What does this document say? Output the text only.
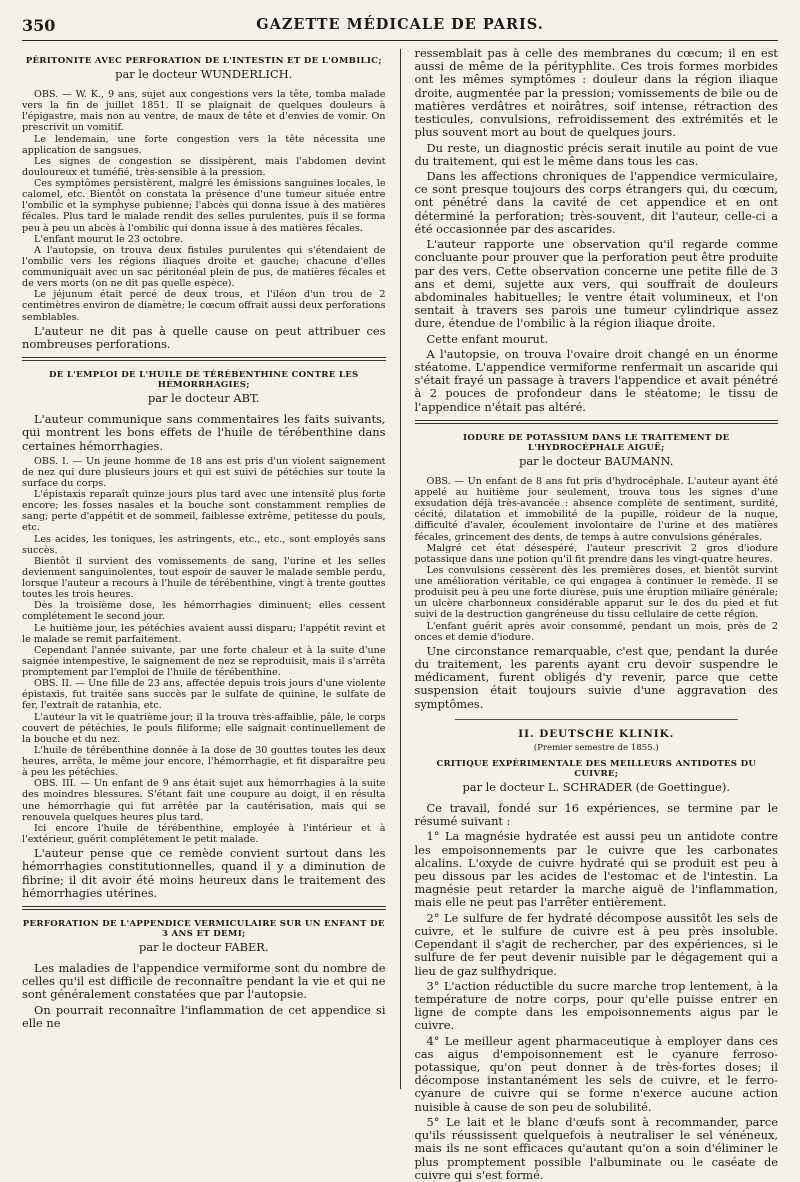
350	GAZETTE MÉDICALE DE PARIS.
PÉRITONITE AVEC PERFORATION DE L'INTESTIN ET DE L'OMBILIC;
par le docteur WUNDERLICH.

OBS. — W. K., 9 ans, sujet aux congestions vers la tête, tomba malade vers la fin de juillet 1851. Il se plaignait de quelques douleurs à l'épigastre, mais non au ventre, de maux de tête et d'envies de vomir. On prescrivit un vomitif.

Le lendemain, une forte congestion vers la tête nécessita une application de sangsues.

Les signes de congestion se dissipèrent, mais l'abdomen devint douloureux et tuméfié, très-sensible à la pression.

Ces symptômes persistèrent, malgré les émissions sanguines locales, le calomel, etc. Bientôt on constata la présence d'une tumeur située entre l'ombilic et la symphyse pubienne; l'abcès qui donna issue à des matières fécales. Plus tard le malade rendit des selles purulentes, puis il se forma peu à peu un abcès à l'ombilic qui donna issue à des matières fécales.

L'enfant mourut le 23 octobre.

A l'autopsie, on trouva deux fistules purulentes qui s'étendaient de l'ombilic vers les régions iliaques droite et gauche; chacune d'elles communiquait avec un sac péritonéal plein de pus, de matières fécales et de vers morts (on ne dit pas quelle espèce).

Le jéjunum était percé de deux trous, et l'iléon d'un trou de 2 centimètres environ de diamètre; le cœcum offrait aussi deux perforations semblables.

L'auteur ne dit pas à quelle cause on peut attribuer ces nombreuses perforations.

DE L'EMPLOI DE L'HUILE DE TÉRÉBENTHINE CONTRE LES HÉMORRHAGIES;
par le docteur ABT.

L'auteur communique sans commentaires les faits suivants, qui montrent les bons effets de l'huile de térébenthine dans certaines hémorrhagies.

OBS. I. — Un jeune homme de 18 ans est pris d'un violent saignement de nez qui dure plusieurs jours et qui est suivi de pétéchies sur toute la surface du corps.

L'épistaxis reparaît quinze jours plus tard avec une intensité plus forte encore; les fosses nasales et la bouche sont constamment remplies de sang; perte d'appétit et de sommeil, faiblesse extrême, petitesse du pouls, etc.

Les acides, les toniques, les astringents, etc., etc., sont employés sans succès.

Bientôt il survient des vomissements de sang, l'urine et les selles deviennent sanguinolentes, tout espoir de sauver le malade semble perdu, lorsque l'auteur a recours à l'huile de térébenthine, vingt à trente gouttes toutes les trois heures.

Dès la troisième dose, les hémorrhagies diminuent; elles cessent complétement le second jour.

Le huitième jour, les pétéchies avaient aussi disparu; l'appétit revint et le malade se remit parfaitement.

Cependant l'année suivante, par une forte chaleur et à la suite d'une saignée intempestive, le saignement de nez se reproduisit, mais il s'arrêta promptement par l'emploi de l'huile de térébenthine.

OBS. II. — Une fille de 23 ans, affectée depuis trois jours d'une violente épistaxis, fut traitée sans succès par le sulfate de quinine, le sulfate de fer, l'extrait de ratanhia, etc.

L'auteur la vit le quatrième jour; il la trouva très-affaiblie, pâle, le corps couvert de pétéchies, le pouls filiforme; elle saignait continuellement de la bouche et du nez.

L'huile de térébenthine donnée à la dose de 30 gouttes toutes les deux heures, arrêta, le même jour encore, l'hémorrhagie, et fit disparaître peu à peu les pétéchies.

OBS. III. — Un enfant de 9 ans était sujet aux hémorrhagies à la suite des moindres blessures. S'étant fait une coupure au doigt, il en résulta une hémorrhagie qui fut arrêtée par la cautérisation, mais qui se renouvela quelques heures plus tard.

Ici encore l'huile de térébenthine, employée à l'intérieur et à l'extérieur, guérit complétement le petit malade.

L'auteur pense que ce remède convient surtout dans les hémorrhagies constitutionnelles, quand il y a diminution de fibrine; il dit avoir été moins heureux dans le traitement des hémorrhagies utérines.

PERFORATION DE L'APPENDICE VERMICULAIRE SUR UN ENFANT DE 3 ANS ET DEMI;
par le docteur FABER.

Les maladies de l'appendice vermiforme sont du nombre de celles qu'il est difficile de reconnaître pendant la vie et qui ne sont généralement constatées que par l'autopsie.

On pourrait reconnaître l'inflammation de cet appendice si elle ne

ressemblait pas à celle des membranes du cœcum; il en est aussi de même de la pérityphlite. Ces trois formes morbides ont les mêmes symptômes : douleur dans la région iliaque droite, augmentée par la pression; vomissements de bile ou de matières verdâtres et noirâtres, soif intense, rétraction des testicules, convulsions, refroidissement des extrémités et le plus souvent mort au bout de quelques jours.

Du reste, un diagnostic précis serait inutile au point de vue du traitement, qui est le même dans tous les cas.

Dans les affections chroniques de l'appendice vermiculaire, ce sont presque toujours des corps étrangers qui, du cœcum, ont pénétré dans la cavité de cet appendice et en ont déterminé la perforation; très-souvent, dit l'auteur, celle-ci a été occasionnée par des ascarides.

L'auteur rapporte une observation qu'il regarde comme concluante pour prouver que la perforation peut être produite par des vers. Cette observation concerne une petite fille de 3 ans et demi, sujette aux vers, qui souffrait de douleurs abdominales habituelles; le ventre était volumineux, et l'on sentait à travers ses parois une tumeur cylindrique assez dure, étendue de l'ombilic à la région iliaque droite.

Cette enfant mourut.

A l'autopsie, on trouva l'ovaire droit changé en un énorme stéatome. L'appendice vermiforme renfermait un ascaride qui s'était frayé un passage à travers l'appendice et avait pénétré à 2 pouces de profondeur dans le stéatome; le tissu de l'appendice n'était pas altéré.

IODURE DE POTASSIUM DANS LE TRAITEMENT DE L'HYDROCÉPHALE AIGUË;
par le docteur BAUMANN.

OBS. — Un enfant de 8 ans fut pris d'hydrocéphale. L'auteur ayant été appelé au huitième jour seulement, trouva tous les signes d'une exsudation déjà très-avancée : absence complète de sentiment, surdité, cécité, dilatation et immobilité de la pupille, roideur de la nuque, difficulté d'avaler, écoulement involontaire de l'urine et des matières fécales, grincement des dents, de temps à autre convulsions générales.

Malgré cet état désespéré, l'auteur prescrivit 2 gros d'iodure potassique dans une potion qu'il fit prendre dans les vingt-quatre heures.

Les convulsions cessèrent dès les premières doses, et bientôt survint une amélioration véritable, ce qui engagea à continuer le remède. Il se produisit peu à peu une forte diurèse, puis une éruption miliaire générale; un ulcère charbonneux considérable apparut sur le dos du pied et fut suivi de la destruction gangréneuse du tissu cellulaire de cette région.

L'enfant guérit après avoir consommé, pendant un mois, près de 2 onces et demie d'iodure.

Une circonstance remarquable, c'est que, pendant la durée du traitement, les parents ayant cru devoir suspendre le médicament, furent obligés d'y revenir, parce que cette suspension était toujours suivie d'une aggravation des symptômes.

II. DEUTSCHE KLINIK.
(Premier semestre de 1855.)
CRITIQUE EXPÉRIMENTALE DES MEILLEURS ANTIDOTES DU CUIVRE;
par le docteur L. SCHRADER (de Goettingue).

Ce travail, fondé sur 16 expériences, se termine par le résumé suivant :

1° La magnésie hydratée est aussi peu un antidote contre les empoisonnements par le cuivre que les carbonates alcalins. L'oxyde de cuivre hydraté qui se produit est peu à peu dissous par les acides de l'estomac et de l'intestin. La magnésie peut retarder la marche aiguë de l'inflammation, mais elle ne peut pas l'arrêter entièrement.

2° Le sulfure de fer hydraté décompose aussitôt les sels de cuivre, et le sulfure de cuivre est à peu près insoluble. Cependant il s'agit de rechercher, par des expériences, si le sulfure de fer peut devenir nuisible par le dégagement qui a lieu de gaz sulfhydrique.

3° L'action réductible du sucre marche trop lentement, à la température de notre corps, pour qu'elle puisse entrer en ligne de compte dans les empoisonnements aigus par le cuivre.

4° Le meilleur agent pharmaceutique à employer dans ces cas aigus d'empoisonnement est le cyanure ferroso-potassique, qu'on peut donner à de très-fortes doses; il décompose instantanément les sels de cuivre, et le ferro-cyanure de cuivre qui se forme n'exerce aucune action nuisible à cause de son peu de solubilité.

5° Le lait et le blanc d'œufs sont à recommander, parce qu'ils réussissent quelquefois à neutraliser le sel vénéneux, mais ils ne sont efficaces qu'autant qu'on a soin d'éliminer le plus promptement possible l'albuminate ou le caséate de cuivre qui s'est formé.
